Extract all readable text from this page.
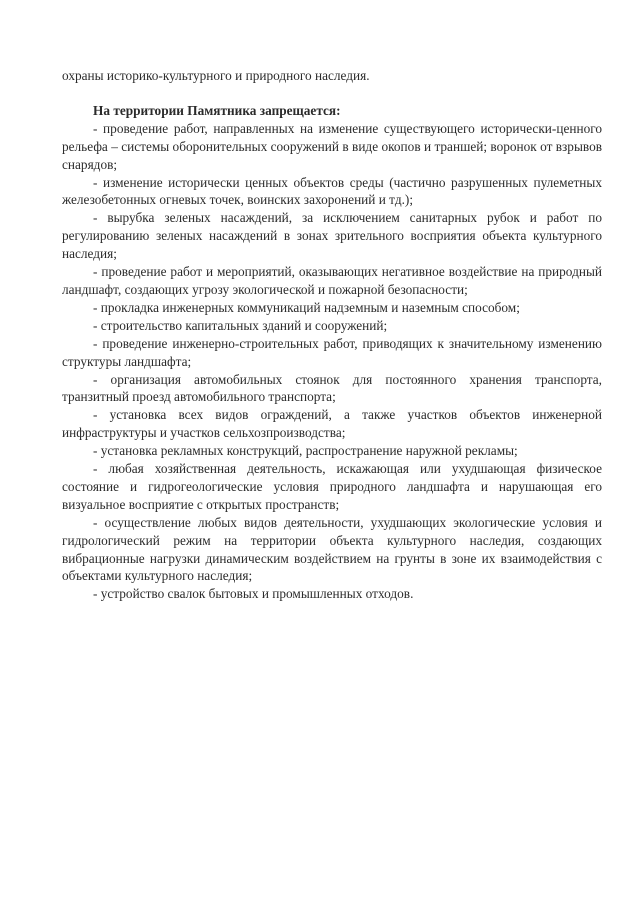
охраны историко-культурного и природного наследия.

На территории Памятника запрещается:

- проведение работ, направленных на изменение существующего исторически-ценного рельефа – системы оборонительных сооружений в виде окопов и траншей; воронок от взрывов снарядов;

- изменение исторически ценных объектов среды (частично разрушенных пулеметных железобетонных огневых точек, воинских захоронений и тд.);

- вырубка зеленых насаждений, за исключением санитарных рубок и работ по регулированию зеленых насаждений в зонах зрительного восприятия объекта культурного наследия;

- проведение работ и мероприятий, оказывающих негативное воздействие на природный ландшафт, создающих угрозу экологической и пожарной безопасности;

- прокладка инженерных коммуникаций надземным и наземным способом;

- строительство капитальных зданий и сооружений;

- проведение инженерно-строительных работ, приводящих к значительному изменению структуры ландшафта;

- организация автомобильных стоянок для постоянного хранения транспорта, транзитный проезд автомобильного транспорта;

- установка всех видов ограждений, а также участков объектов инженерной инфраструктуры и участков сельхозпроизводства;

- установка рекламных конструкций, распространение наружной рекламы;

- любая хозяйственная деятельность, искажающая или ухудшающая физическое состояние и гидрогеологические условия природного ландшафта и нарушающая его визуальное восприятие с открытых пространств;

- осуществление любых видов деятельности, ухудшающих экологические условия и гидрологический режим на территории объекта культурного наследия, создающих вибрационные нагрузки динамическим воздействием на грунты в зоне их взаимодействия с объектами культурного наследия;

- устройство свалок бытовых и промышленных отходов.
